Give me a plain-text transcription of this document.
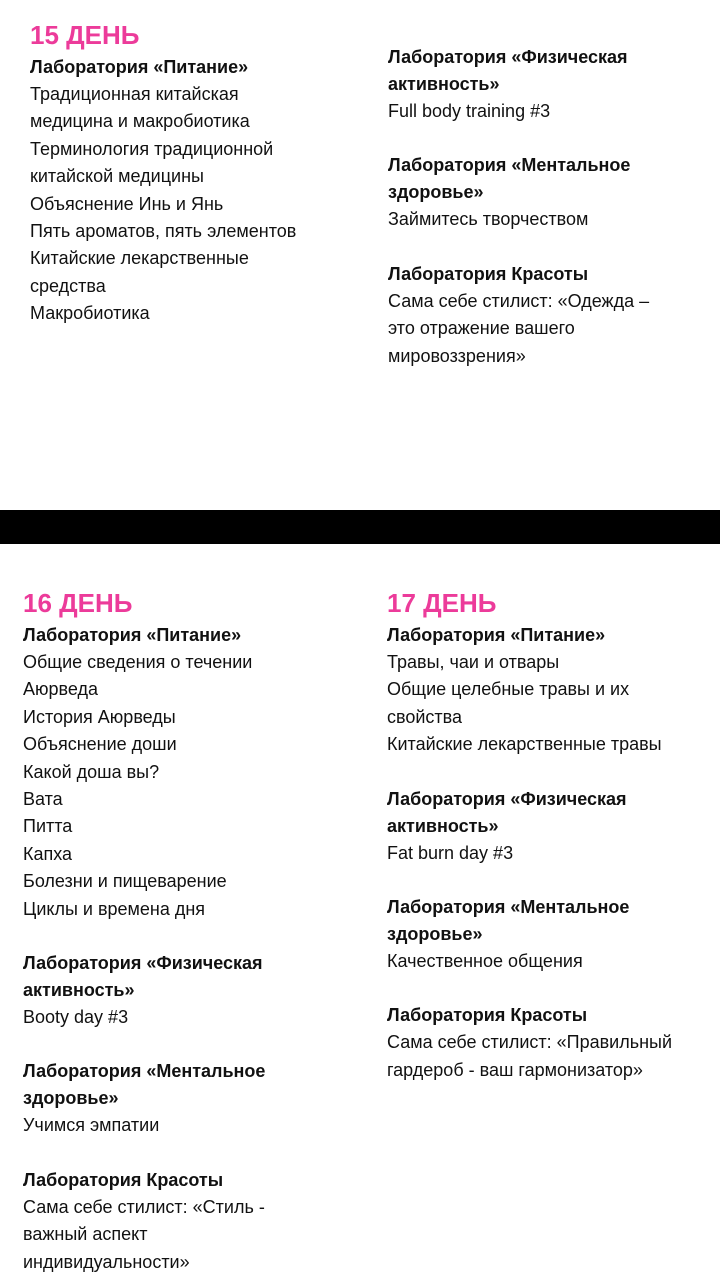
15 ДЕНЬ
Лаборатория «Питание»
Традиционная китайская
медицина и макробиотика
Терминология традиционной
китайской медицины
Объяснение Инь и Янь
Пять ароматов, пять элементов
Китайские лекарственные
средства
Макробиотика
Лаборатория «Физическая
активность»
Full body training #3
Лаборатория «Ментальное
здоровье»
Займитесь творчеством
Лаборатория Красоты
Сама себе стилист: «Одежда –
это отражение вашего
мировоззрения»
16 ДЕНЬ
Лаборатория «Питание»
Общие сведения о течении
Аюрведа
История Аюрведы
Объяснение доши
Какой доша вы?
Вата
Питта
Капха
Болезни и пищеварение
Циклы и времена дня
Лаборатория «Физическая
активность»
Booty day #3
Лаборатория «Ментальное
здоровье»
Учимся эмпатии
Лаборатория Красоты
Сама себе стилист: «Стиль -
важный аспект
индивидуальности»
17 ДЕНЬ
Лаборатория «Питание»
Травы, чаи и отвары
Общие целебные травы и их
свойства
Китайские лекарственные травы
Лаборатория «Физическая
активность»
Fat burn day #3
Лаборатория «Ментальное
здоровье»
Качественное общения
Лаборатория Красоты
Сама себе стилист: «Правильный
гардероб - ваш гармонизатор»
